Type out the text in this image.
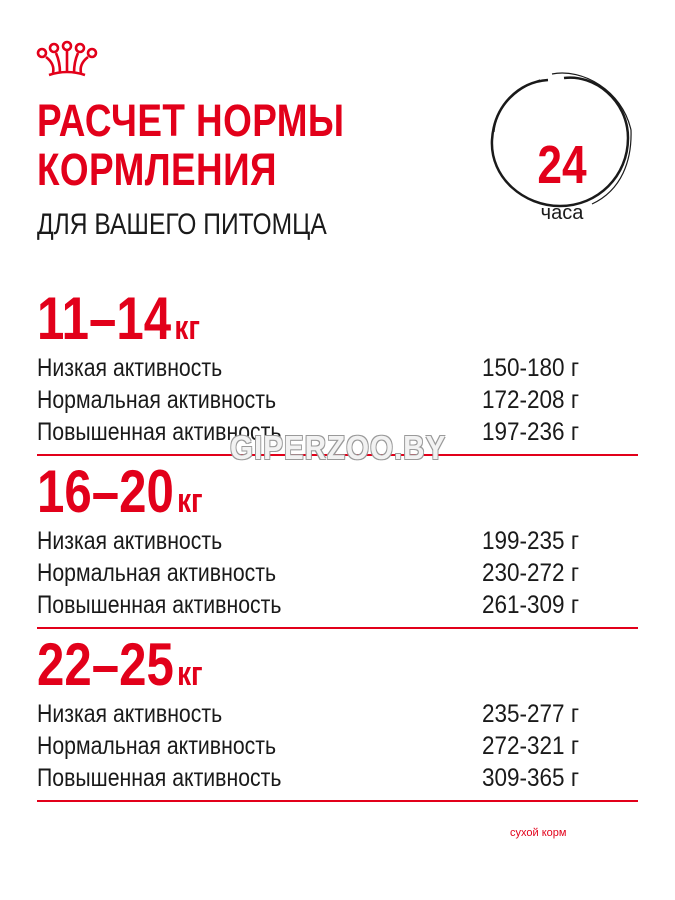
РАСЧЕТ НОРМЫ
КОРМЛЕНИЯ
ДЛЯ ВАШЕГО ПИТОМЦА
24
часа
11–14кг
Низкая активность	150-180 г
Нормальная активность	172-208 г
Повышенная активность	197-236 г
16–20кг
Низкая активность	199-235 г
Нормальная активность	230-272 г
Повышенная активность	261-309 г
22–25кг
Низкая активность	235-277 г
Нормальная активность	272-321 г
Повышенная активность	309-365 г
GIPERZOO.BY
сухой корм
